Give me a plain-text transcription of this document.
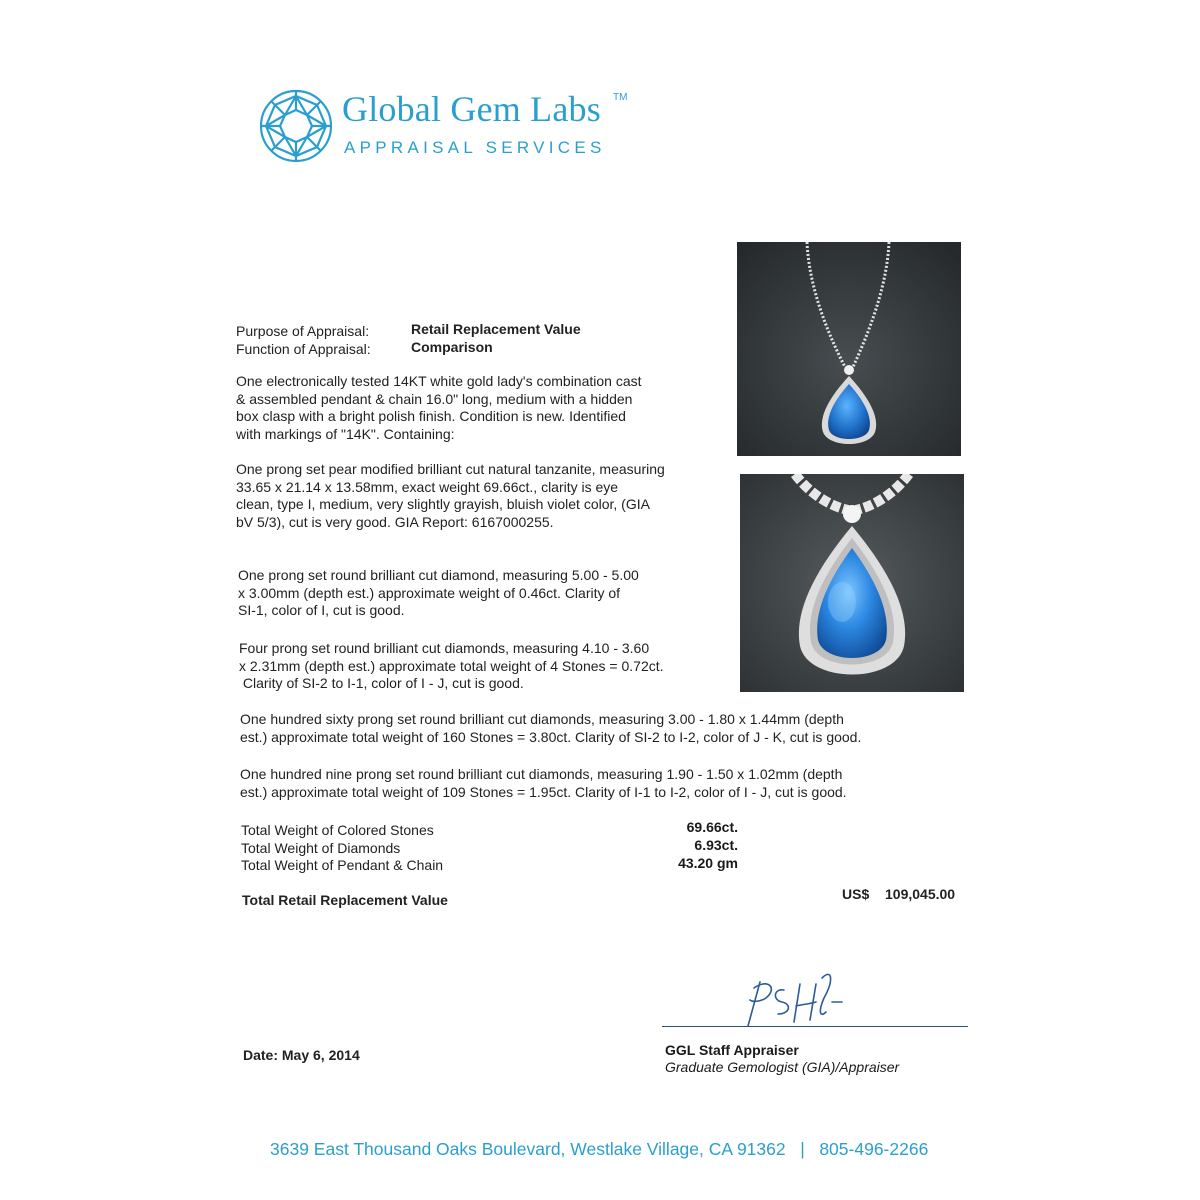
Global Gem Labs TM
APPRAISAL SERVICES
Purpose of Appraisal:	Retail Replacement Value
Function of Appraisal:	Comparison
One electronically tested 14KT white gold lady's combination cast
& assembled pendant & chain 16.0" long, medium with a hidden
box clasp with a bright polish finish. Condition is new. Identified
with markings of "14K". Containing:
One prong set pear modified brilliant cut natural tanzanite, measuring
33.65 x 21.14 x 13.58mm, exact weight 69.66ct., clarity is eye
clean, type I, medium, very slightly grayish, bluish violet color, (GIA
bV 5/3), cut is very good. GIA Report: 6167000255.
One prong set round brilliant cut diamond, measuring 5.00 - 5.00
x 3.00mm (depth est.) approximate weight of 0.46ct. Clarity of
SI-1, color of I, cut is good.
Four prong set round brilliant cut diamonds, measuring 4.10 - 3.60
x 2.31mm (depth est.) approximate total weight of 4 Stones = 0.72ct.
Clarity of SI-2 to I-1, color of I - J, cut is good.
One hundred sixty prong set round brilliant cut diamonds, measuring 3.00 - 1.80 x 1.44mm (depth
est.) approximate total weight of 160 Stones = 3.80ct. Clarity of SI-2 to I-2, color of J - K, cut is good.
One hundred nine prong set round brilliant cut diamonds, measuring 1.90 - 1.50 x 1.02mm (depth
est.) approximate total weight of 109 Stones = 1.95ct. Clarity of I-1 to I-2, color of I - J, cut is good.
Total Weight of Colored Stones	69.66ct.
Total Weight of Diamonds	6.93ct.
Total Weight of Pendant & Chain	43.20 gm
Total Retail Replacement Value	US$ 109,045.00
Date: May 6, 2014	GGL Staff Appraiser
Graduate Gemologist (GIA)/Appraiser
3639 East Thousand Oaks Boulevard, Westlake Village, CA 91362   |   805-496-2266
